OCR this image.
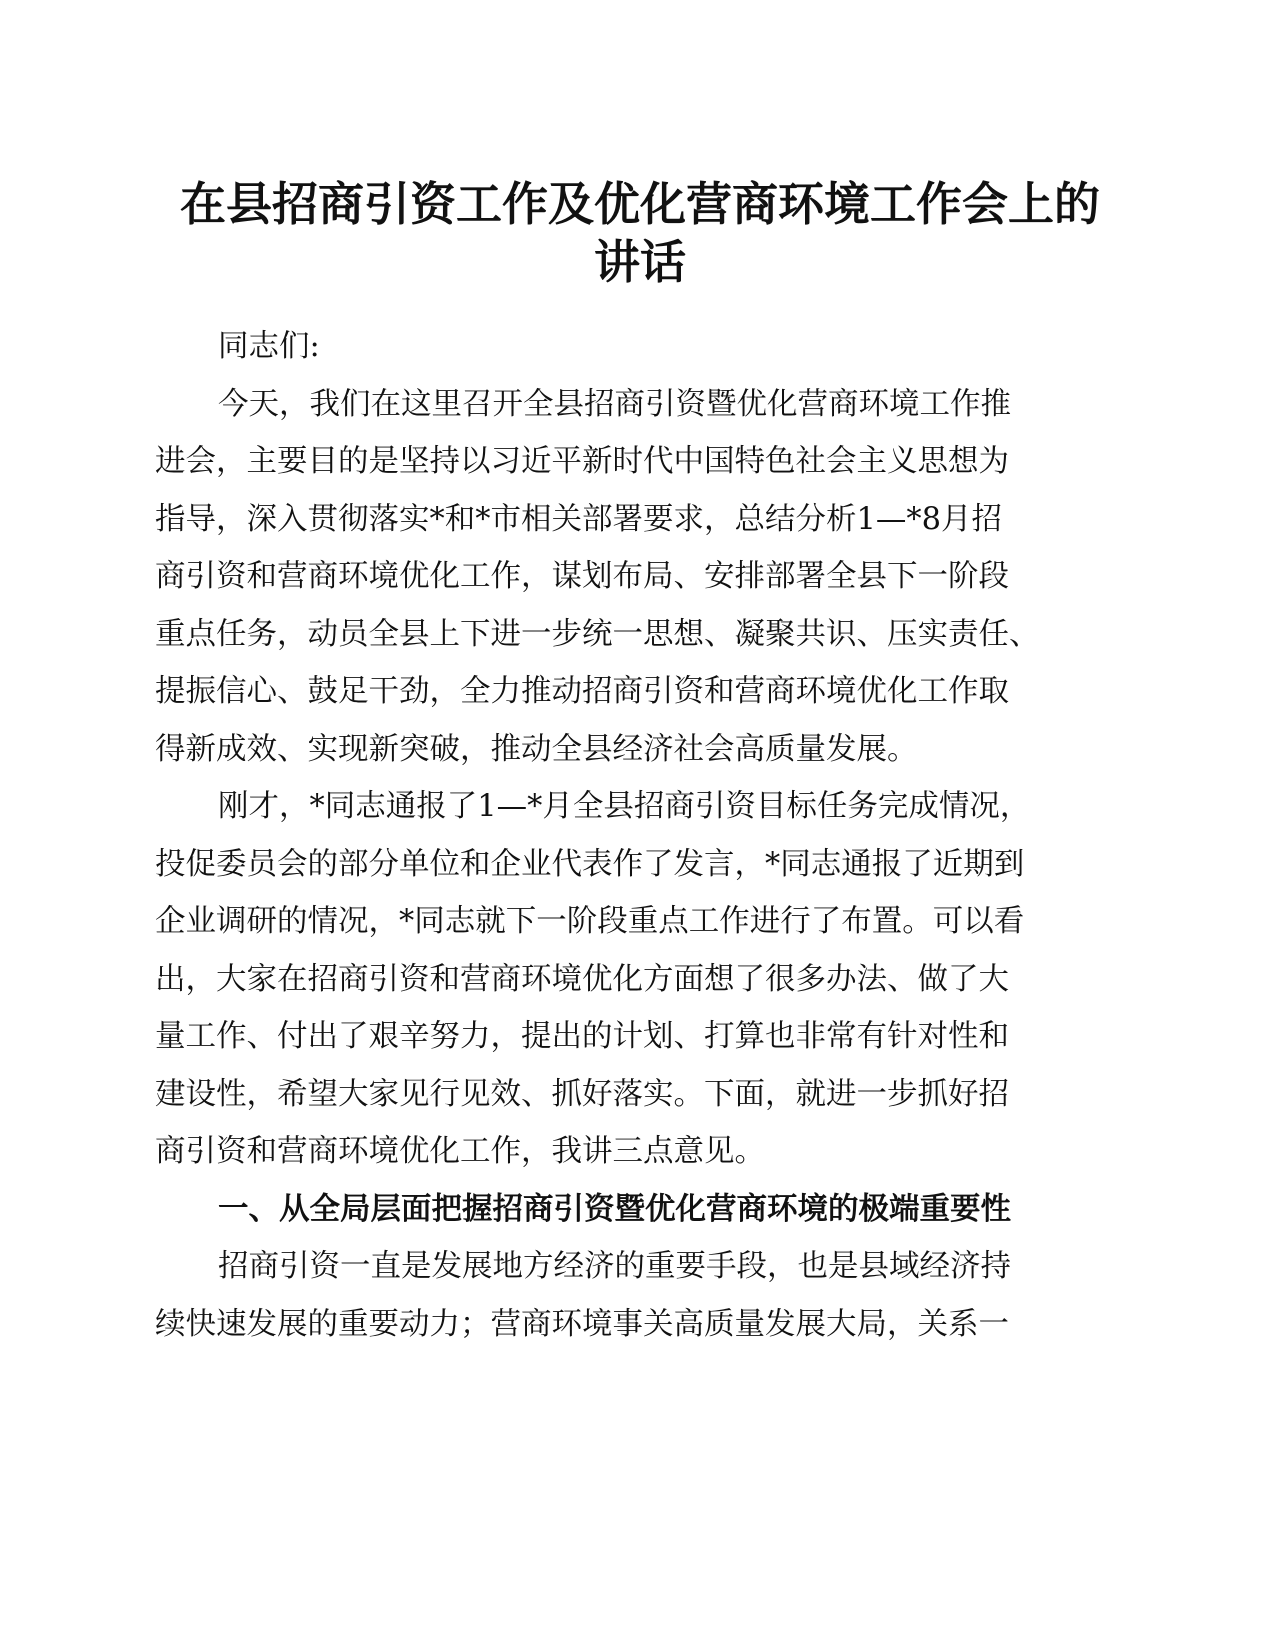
在县招商引资工作及优化营商环境工作会上的
讲话
同志们:
今天，我们在这里召开全县招商引资暨优化营商环境工作推
进会，主要目的是坚持以习近平新时代中国特色社会主义思想为
指导，深入贯彻落实*和*市相关部署要求，总结分析1—*8月招
商引资和营商环境优化工作，谋划布局、安排部署全县下一阶段
重点任务，动员全县上下进一步统一思想、凝聚共识、压实责任、
提振信心、鼓足干劲，全力推动招商引资和营商环境优化工作取
得新成效、实现新突破，推动全县经济社会高质量发展。
刚才，*同志通报了1—*月全县招商引资目标任务完成情况，
投促委员会的部分单位和企业代表作了发言，*同志通报了近期到
企业调研的情况，*同志就下一阶段重点工作进行了布置。可以看
出，大家在招商引资和营商环境优化方面想了很多办法、做了大
量工作、付出了艰辛努力，提出的计划、打算也非常有针对性和
建设性，希望大家见行见效、抓好落实。下面，就进一步抓好招
商引资和营商环境优化工作，我讲三点意见。
一、从全局层面把握招商引资暨优化营商环境的极端重要性
招商引资一直是发展地方经济的重要手段，也是县域经济持
续快速发展的重要动力；营商环境事关高质量发展大局，关系一
